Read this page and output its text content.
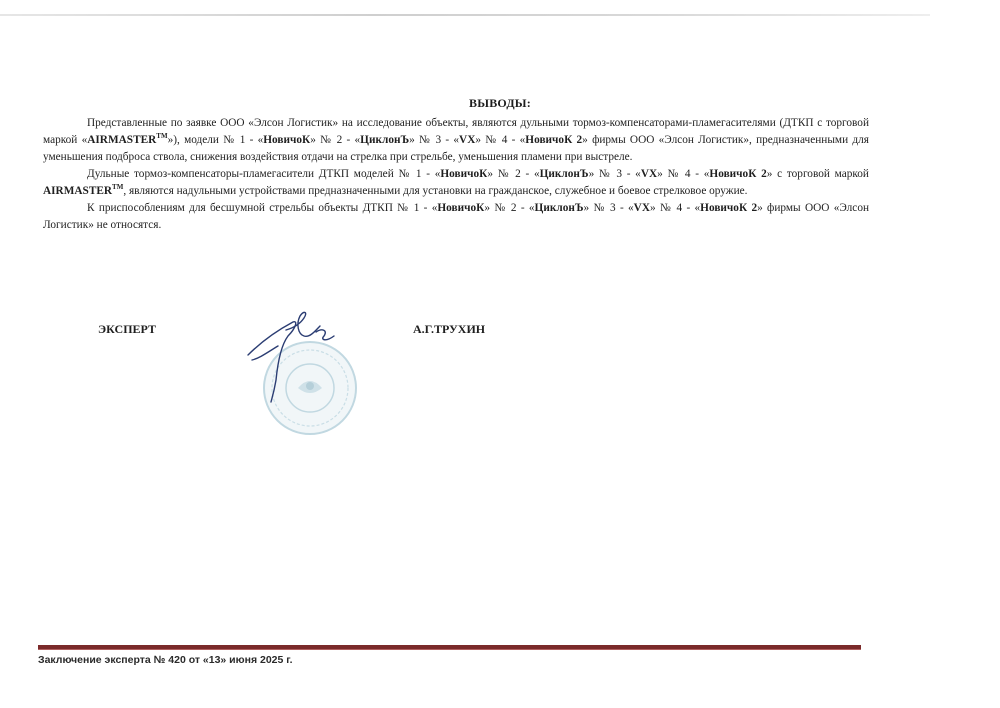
ВЫВОДЫ:

Представленные по заявке ООО «Элсон Логистик» на исследование объекты, являются дульными тормоз-компенсаторами-пламегасителями (ДТКП с торговой маркой «AIRMASTER™»), модели № 1 - «НовичоК» № 2 - «ЦиклонЪ» № 3 - «VX» № 4 - «НовичоК 2» фирмы ООО «Элсон Логистик», предназначенными для уменьшения подброса ствола, снижения воздействия отдачи на стрелка при стрельбе, уменьшения пламени при выстреле.

Дульные тормоз-компенсаторы-пламегасители ДТКП моделей № 1 - «НовичоК» № 2 - «ЦиклонЪ» № 3 - «VX» № 4 - «НовичоК 2» с торговой маркой AIRMASTER™, являются надульными устройствами предназначенными для установки на гражданское, служебное и боевое стрелковое оружие.

К приспособлениям для бесшумной стрельбы объекты ДТКП № 1 - «НовичоК» № 2 - «ЦиклонЪ» № 3 - «VX» № 4 - «НовичоК 2» фирмы ООО «Элсон Логистик» не относятся.

ЭКСПЕРТ	А.Г.ТРУХИН
Заключение эксперта № 420 от «13» июня 2025 г.
